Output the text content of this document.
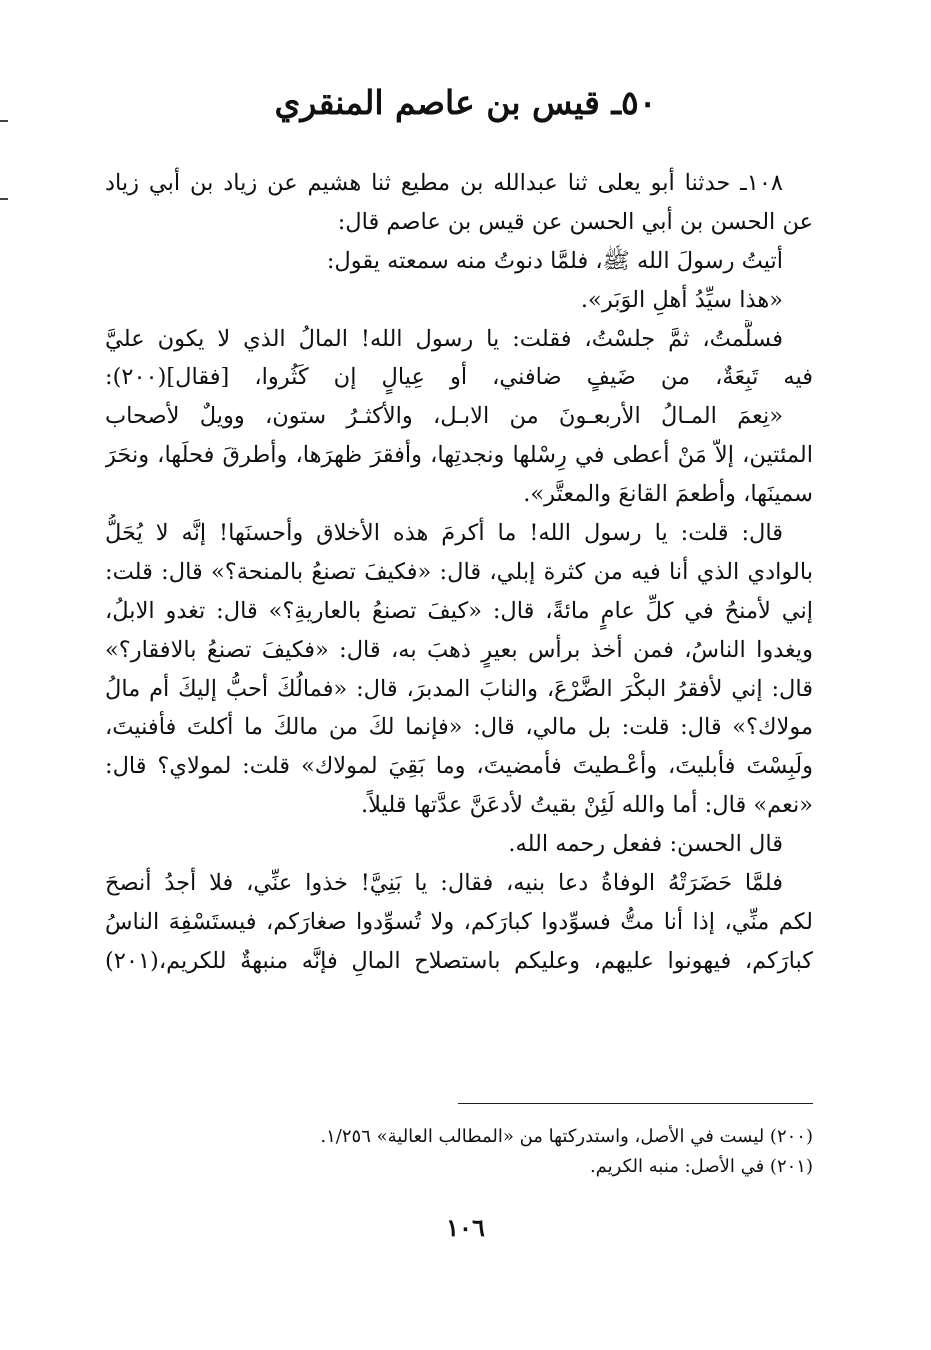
٥٠ـ قيس بن عاصم المنقري
١٠٨ـ حدثنا أبو يعلى ثنا عبدالله بن مطيع ثنا هشيم عن زياد بن أبي زياد
عن الحسن بن أبي الحسن عن قيس بن عاصم قال:
أتيتُ رسولَ الله ﷺ، فلمَّا دنوتُ منه سمعته يقول:
«هذا سيِّدُ أهلِ الوَبَر».
فسلَّمتُ، ثمَّ جلسْتُ، فقلت: يا رسول الله! المالُ الذي لا يكون عليَّ
فيه تَبِعَةٌ، من ضَيفٍ ضافني، أو عِيالٍ إن كَثُروا، [فقال](٢٠٠):
«نِعمَ المـالُ الأربعـونَ من الابـل، والأكثـرُ ستون، وويلٌ لأصحاب
المئتين، إلاّ مَنْ أعطى في رِسْلها ونجدتِها، وأفقرَ ظهرَها، وأطرقَ فحلَها، ونحَرَ
سمينَها، وأطعمَ القانعَ والمعتَّر».
قال: قلت: يا رسول الله! ما أكرمَ هذه الأخلاق وأحسنَها! إنَّه لا يُحَلُّ
بالوادي الذي أنا فيه من كثرة إبلي، قال: «فكيفَ تصنعُ بالمنحة؟» قال: قلت:
إني لأمنحُ في كلِّ عامٍ مائةً، قال: «كيفَ تصنعُ بالعاريةِ؟» قال: تغدو الابلُ،
ويغدوا الناسُ، فمن أخذ برأس بعيرٍ ذهبَ به، قال: «فكيفَ تصنعُ بالافقار؟»
قال: إني لأفقرُ البكْرَ الضَّرْعَ، والنابَ المدبرَ، قال: «فمالُكَ أحبُّ إليكَ أم مالُ
مولاك؟» قال: قلت: بل مالي، قال: «فإنما لكَ من مالكَ ما أكلتَ فأفنيتَ،
ولَبِسْتَ فأبليتَ، وأعْـطيتَ فأمضيتَ، وما بَقِيَ لمولاك» قلت: لمولاي؟ قال:
«نعم» قال: أما والله لَئِنْ بقيتُ لأدعَنَّ عدَّتها قليلاً.
قال الحسن: ففعل رحمه الله.
فلمَّا حَضَرَتْهُ الوفاةُ دعا بنيه، فقال: يا بَنِيَّ! خذوا عنِّي، فلا أجدُ أنصحَ
لكم منِّي، إذا أنا متُّ فسوِّدوا كبارَكم، ولا تُسوِّدوا صغارَكم، فيستَسْفِهَ الناسُ
كبارَكم، فيهونوا عليهم، وعليكم باستصلاح المالِ فإنَّه منبهةٌ للكريم،(٢٠١)
(٢٠٠) ليست في الأصل، واستدركتها من «المطالب العالية» ١/٢٥٦.
(٢٠١) في الأصل: منبه الكريم.
١٠٦
